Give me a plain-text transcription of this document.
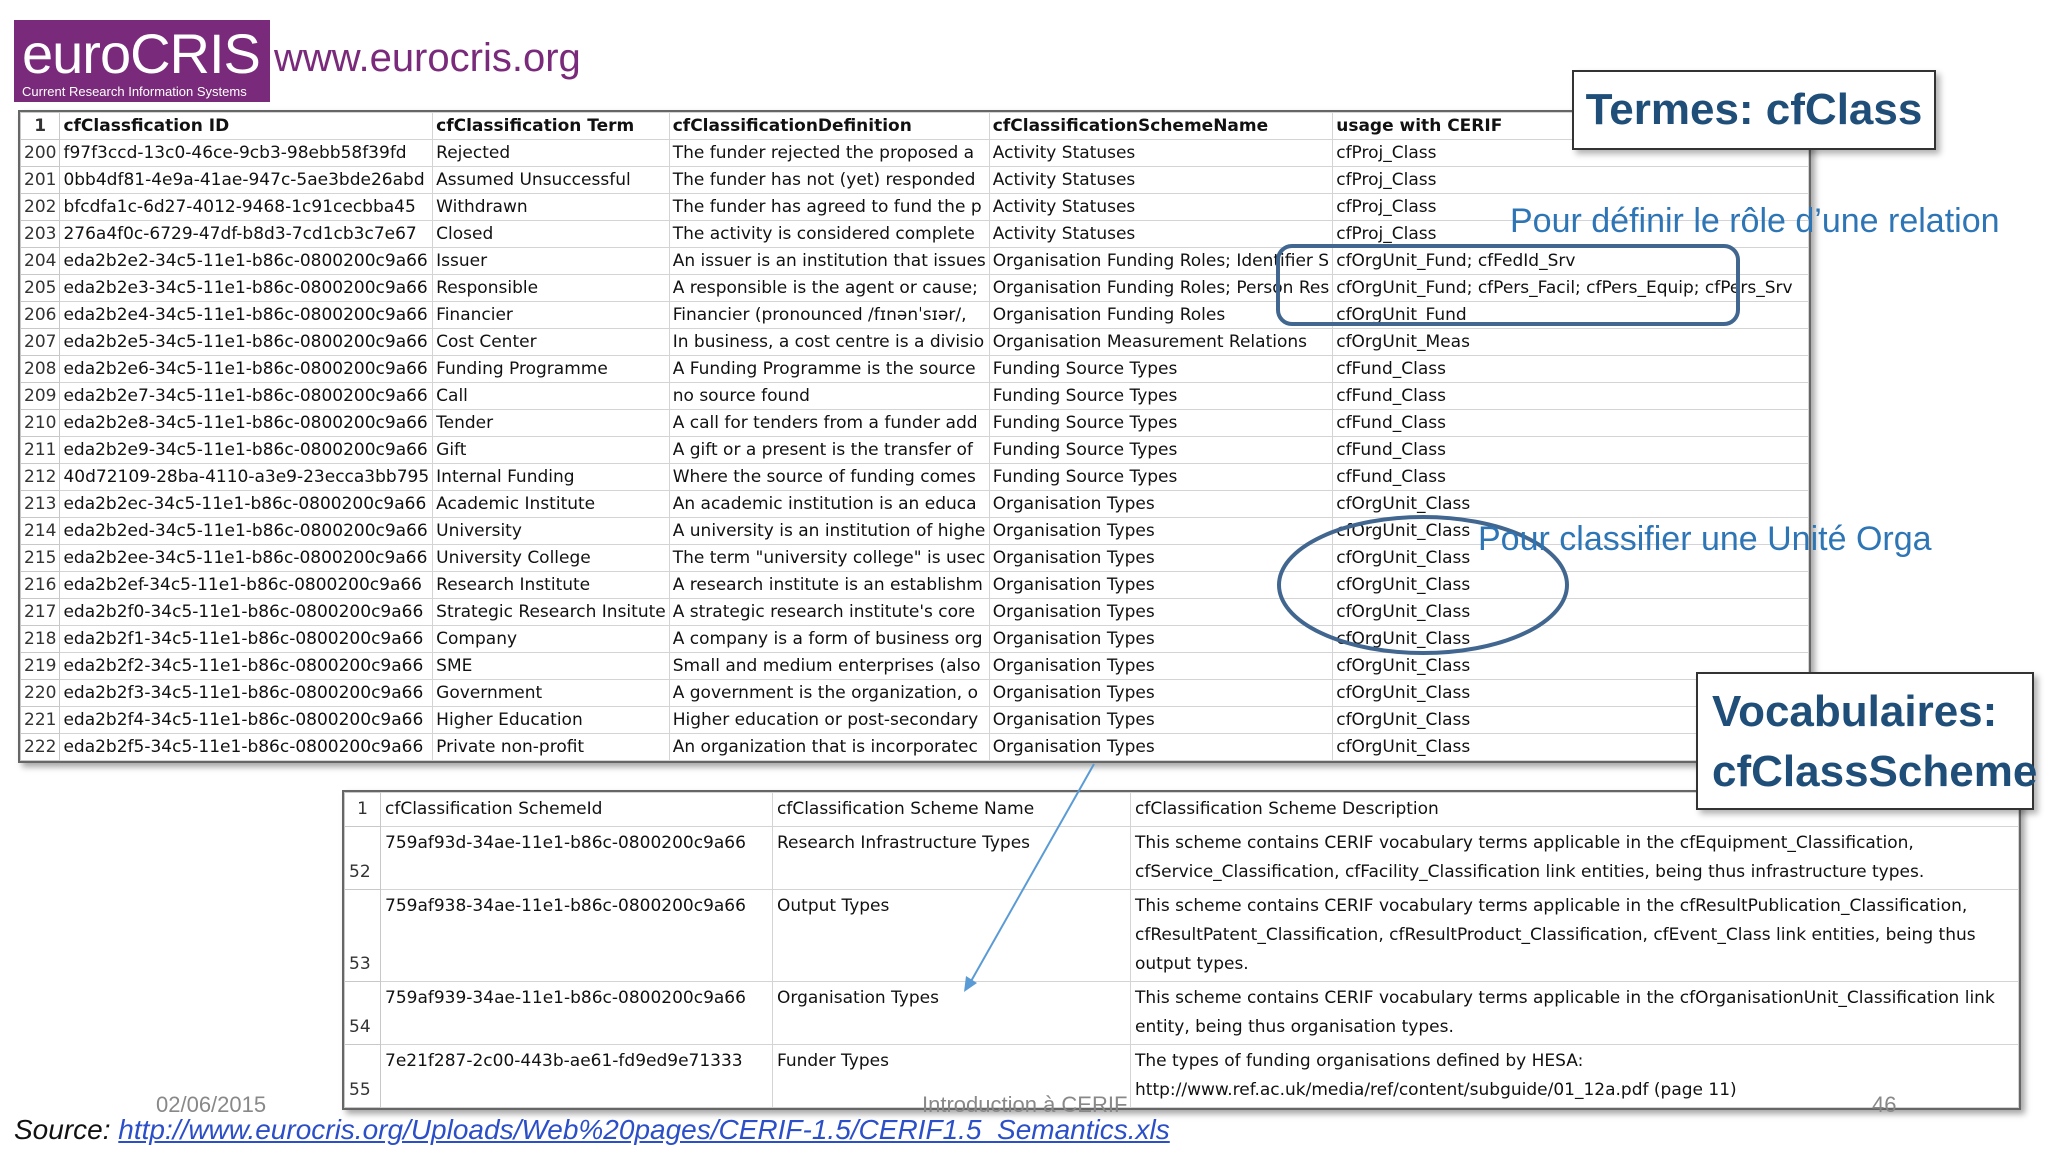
euroCRIS
Current Research Information Systems
www.eurocris.org
1	cfClassfication ID	cfClassification Term	cfClassificationDefinition	cfClassificationSchemeName	usage with CERIF
200	f97f3ccd-13c0-46ce-9cb3-98ebb58f39fd	Rejected	The funder rejected the proposed a	Activity Statuses	cfProj_Class
201	0bb4df81-4e9a-41ae-947c-5ae3bde26abd	Assumed Unsuccessful	The funder has not (yet) responded	Activity Statuses	cfProj_Class
202	bfcdfa1c-6d27-4012-9468-1c91cecbba45	Withdrawn	The funder has agreed to fund the p	Activity Statuses	cfProj_Class
203	276a4f0c-6729-47df-b8d3-7cd1cb3c7e67	Closed	The activity is considered complete	Activity Statuses	cfProj_Class
204	eda2b2e2-34c5-11e1-b86c-0800200c9a66	Issuer	An issuer is an institution that issues	Organisation Funding Roles; Identifier S	cfOrgUnit_Fund; cfFedId_Srv
205	eda2b2e3-34c5-11e1-b86c-0800200c9a66	Responsible	A responsible is the agent or cause;	Organisation Funding Roles; Person Res	cfOrgUnit_Fund; cfPers_Facil; cfPers_Equip; cfPers_Srv
206	eda2b2e4-34c5-11e1-b86c-0800200c9a66	Financier	Financier (pronounced /fɪnənˈsɪər/,	Organisation Funding Roles	cfOrgUnit_Fund
207	eda2b2e5-34c5-11e1-b86c-0800200c9a66	Cost Center	In business, a cost centre is a divisio	Organisation Measurement Relations	cfOrgUnit_Meas
208	eda2b2e6-34c5-11e1-b86c-0800200c9a66	Funding Programme	A Funding Programme is the source	Funding Source Types	cfFund_Class
209	eda2b2e7-34c5-11e1-b86c-0800200c9a66	Call	no source found	Funding Source Types	cfFund_Class
210	eda2b2e8-34c5-11e1-b86c-0800200c9a66	Tender	A call for tenders from a funder add	Funding Source Types	cfFund_Class
211	eda2b2e9-34c5-11e1-b86c-0800200c9a66	Gift	A gift or a present is the transfer of	Funding Source Types	cfFund_Class
212	40d72109-28ba-4110-a3e9-23ecca3bb795	Internal Funding	Where the source of funding comes	Funding Source Types	cfFund_Class
213	eda2b2ec-34c5-11e1-b86c-0800200c9a66	Academic Institute	An academic institution is an educa	Organisation Types	cfOrgUnit_Class
214	eda2b2ed-34c5-11e1-b86c-0800200c9a66	University	A university is an institution of highe	Organisation Types	cfOrgUnit_Class
215	eda2b2ee-34c5-11e1-b86c-0800200c9a66	University College	The term "university college" is usec	Organisation Types	cfOrgUnit_Class
216	eda2b2ef-34c5-11e1-b86c-0800200c9a66	Research Institute	A research institute is an establishm	Organisation Types	cfOrgUnit_Class
217	eda2b2f0-34c5-11e1-b86c-0800200c9a66	Strategic Research Insitute	A strategic research institute's core	Organisation Types	cfOrgUnit_Class
218	eda2b2f1-34c5-11e1-b86c-0800200c9a66	Company	A company is a form of business org	Organisation Types	cfOrgUnit_Class
219	eda2b2f2-34c5-11e1-b86c-0800200c9a66	SME	Small and medium enterprises (also	Organisation Types	cfOrgUnit_Class
220	eda2b2f3-34c5-11e1-b86c-0800200c9a66	Government	A government is the organization, o	Organisation Types	cfOrgUnit_Class
221	eda2b2f4-34c5-11e1-b86c-0800200c9a66	Higher Education	Higher education or post-secondary	Organisation Types	cfOrgUnit_Class
222	eda2b2f5-34c5-11e1-b86c-0800200c9a66	Private non-profit	An organization that is incorporatec	Organisation Types	cfOrgUnit_Class
1	cfClassification SchemeId	cfClassification Scheme Name	cfClassification Scheme Description
52	759af93d-34ae-11e1-b86c-0800200c9a66	Research Infrastructure Types	This scheme contains CERIF vocabulary terms applicable in the cfEquipment_Classification, cfService_Classification, cfFacility_Classification link entities, being thus infrastructure types.
53	759af938-34ae-11e1-b86c-0800200c9a66	Output Types	This scheme contains CERIF vocabulary terms applicable in the cfResultPublication_Classification, cfResultPatent_Classification, cfResultProduct_Classification, cfEvent_Class link entities, being thus output types.
54	759af939-34ae-11e1-b86c-0800200c9a66	Organisation Types	This scheme contains CERIF vocabulary terms applicable in the cfOrganisationUnit_Classification link entity, being thus organisation types.
55	7e21f287-2c00-443b-ae61-fd9ed9e71333	Funder Types	The types of funding organisations defined by HESA: http://www.ref.ac.uk/media/ref/content/subguide/01_12a.pdf (page 11)
Termes: cfClass
Vocabulaires:
cfClassScheme
Pour définir le rôle d’une relation
Pour classifier une Unité Orga
02/06/2015	Introduction à CERIF	46
Source: http://www.eurocris.org/Uploads/Web%20pages/CERIF-1.5/CERIF1.5_Semantics.xls
